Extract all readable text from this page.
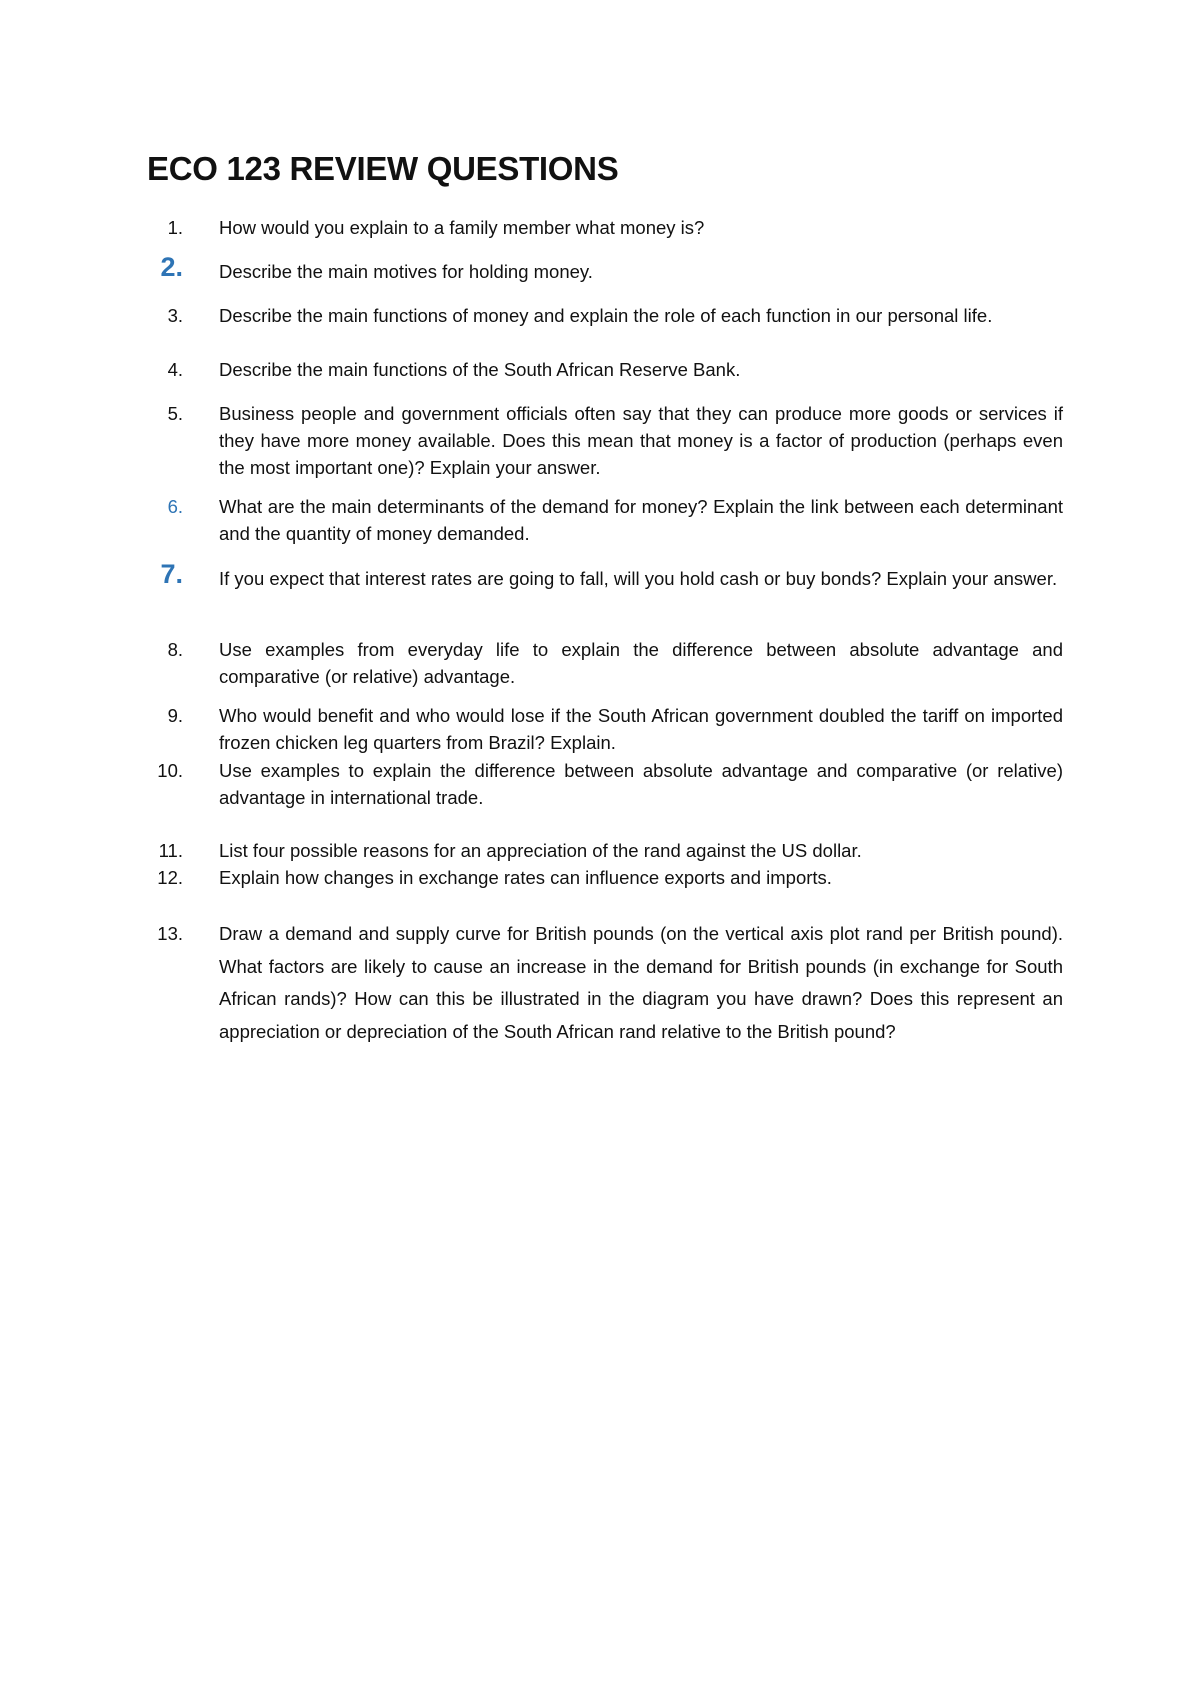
ECO 123 REVIEW QUESTIONS
1. How would you explain to a family member what money is?
2. Describe the main motives for holding money.
3. Describe the main functions of money and explain the role of each function in our personal life.
4. Describe the main functions of the South African Reserve Bank.
5. Business people and government officials often say that they can produce more goods or services if they have more money available. Does this mean that money is a factor of production (perhaps even the most important one)? Explain your answer.
6. What are the main determinants of the demand for money? Explain the link between each determinant and the quantity of money demanded.
7. If you expect that interest rates are going to fall, will you hold cash or buy bonds? Explain your answer.
8. Use examples from everyday life to explain the difference between absolute advantage and comparative (or relative) advantage.
9. Who would benefit and who would lose if the South African government doubled the tariff on imported frozen chicken leg quarters from Brazil? Explain.
10. Use examples to explain the difference between absolute advantage and comparative (or relative) advantage in international trade.
11. List four possible reasons for an appreciation of the rand against the US dollar.
12. Explain how changes in exchange rates can influence exports and imports.
13. Draw a demand and supply curve for British pounds (on the vertical axis plot rand per British pound). What factors are likely to cause an increase in the demand for British pounds (in exchange for South African rands)? How can this be illustrated in the diagram you have drawn? Does this represent an appreciation or depreciation of the South African rand relative to the British pound?
